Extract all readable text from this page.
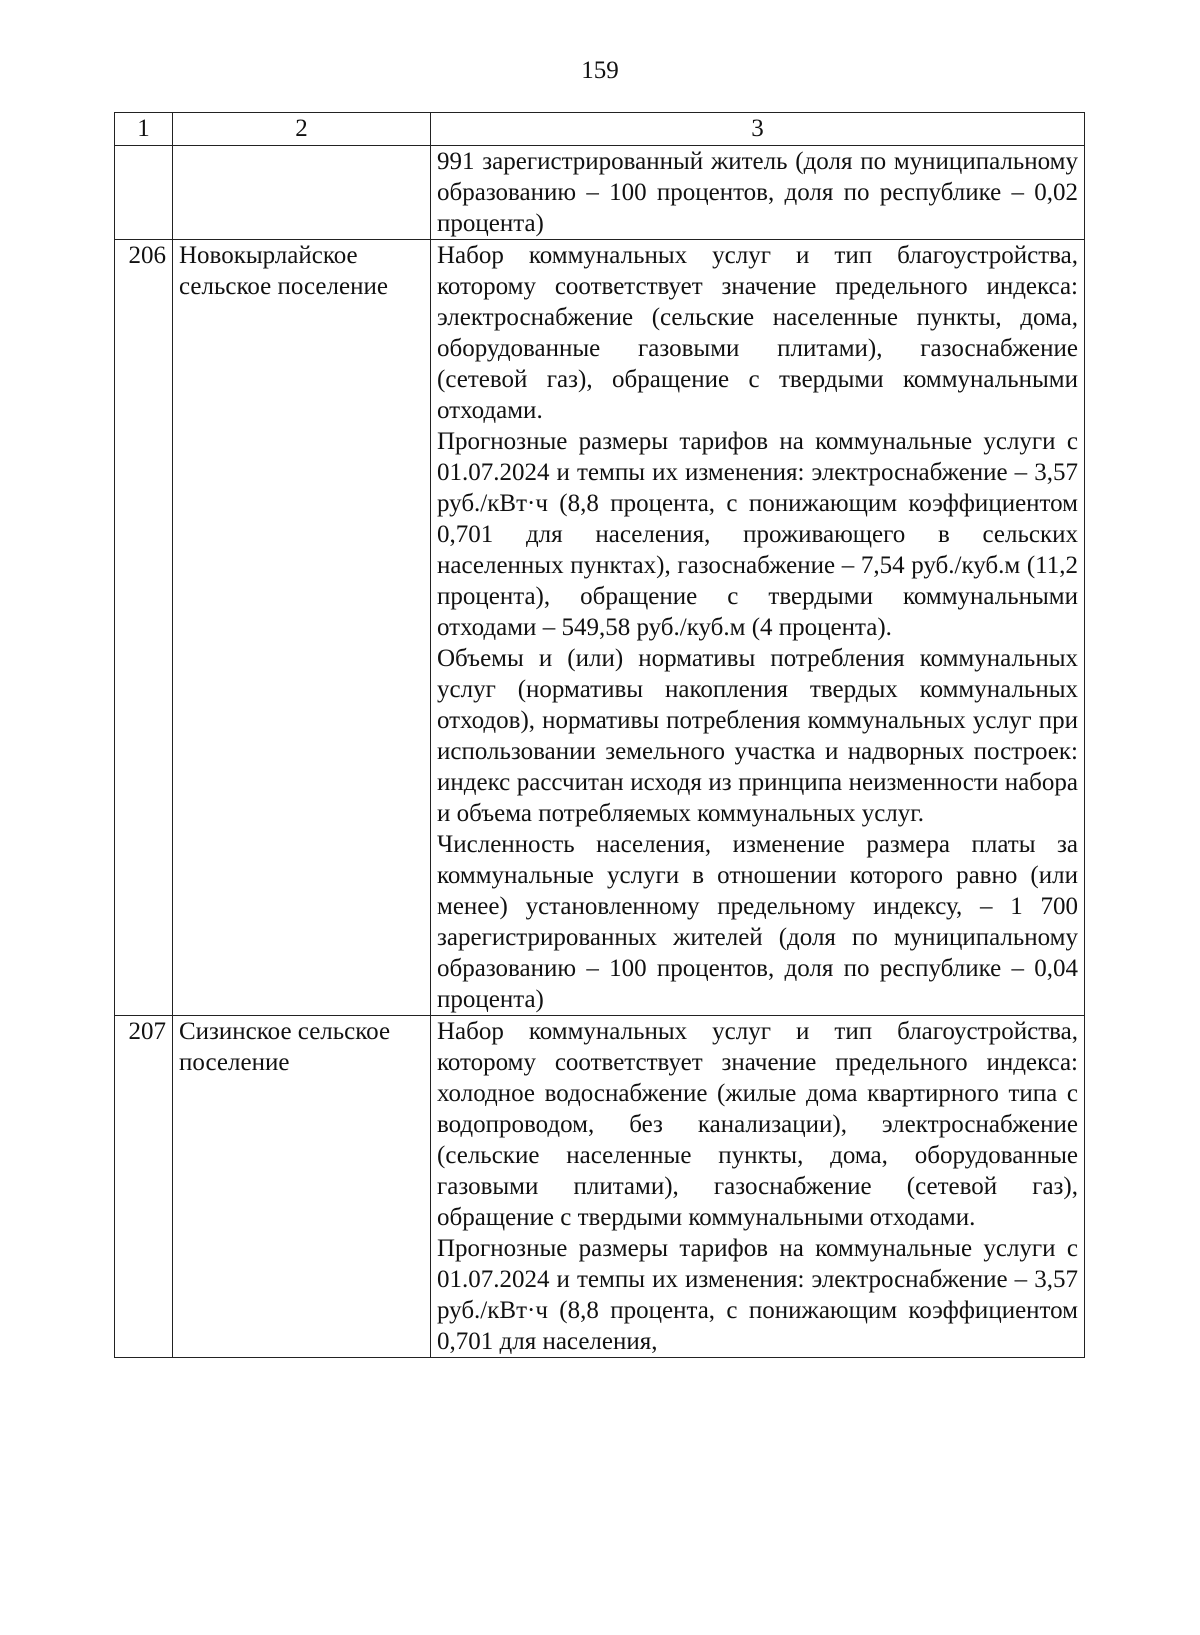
159
1	2	3

		991 зарегистрированный житель (доля по муниципальному образованию – 100 процентов, доля по республике – 0,02 процента)

206	Новокырлайское сельское поселение	Набор коммунальных услуг и тип благоустройства, которому соответствует значение предельного индекса: электроснабжение (сельские населенные пункты, дома, оборудованные газовыми плитами), газоснабжение (сетевой газ), обращение с твердыми коммунальными отходами.

Прогнозные размеры тарифов на коммунальные услуги с 01.07.2024 и темпы их изменения: электроснабжение – 3,57 руб./кВт·ч (8,8 процента, с понижающим коэффициентом 0,701 для населения, проживающего в сельских населенных пунктах), газоснабжение – 7,54 руб./куб.м (11,2 процента), обращение с твердыми коммунальными отходами – 549,58 руб./куб.м (4 процента).

Объемы и (или) нормативы потребления коммунальных услуг (нормативы накопления твердых коммунальных отходов), нормативы потребления коммунальных услуг при использовании земельного участка и надворных построек: индекс рассчитан исходя из принципа неизменности набора и объема потребляемых коммунальных услуг.

Численность населения, изменение размера платы за коммунальные услуги в отношении которого равно (или менее) установленному предельному индексу, – 1 700 зарегистрированных жителей (доля по муниципальному образованию – 100 процентов, доля по республике – 0,04 процента)

207	Сизинское сельское поселение	Набор коммунальных услуг и тип благоустройства, которому соответствует значение предельного индекса: холодное водоснабжение (жилые дома квартирного типа с водопроводом, без канализации), электроснабжение (сельские населенные пункты, дома, оборудованные газовыми плитами), газоснабжение (сетевой газ), обращение с твердыми коммунальными отходами.

Прогнозные размеры тарифов на коммунальные услуги с 01.07.2024 и темпы их изменения: электроснабжение – 3,57 руб./кВт·ч (8,8 процента, с понижающим коэффициентом 0,701 для населения,
